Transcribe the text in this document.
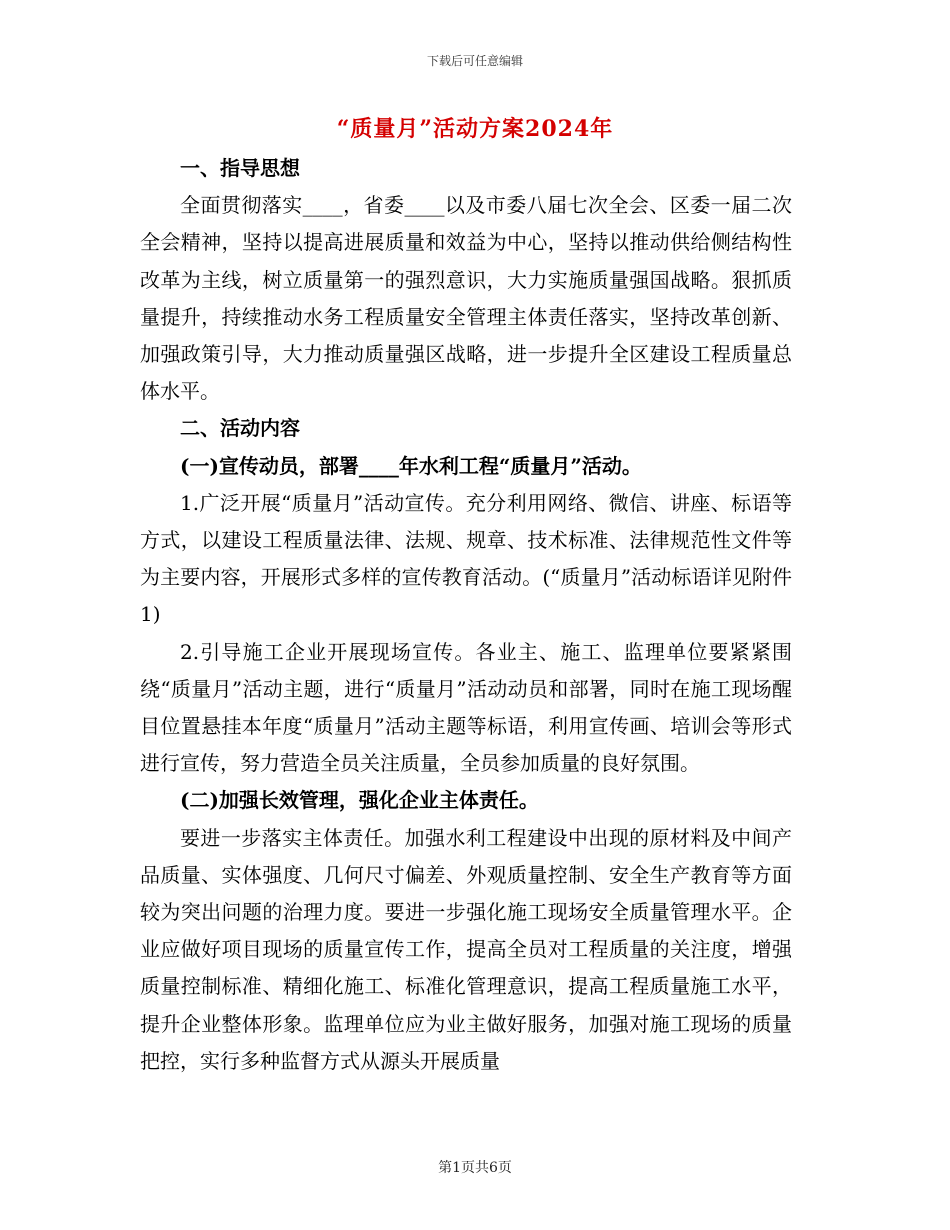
下载后可任意编辑
“质量月”活动方案2024年

一、指导思想

全面贯彻落实____，省委____以及市委八届七次全会、区委一届二次全会精神，坚持以提高进展质量和效益为中心，坚持以推动供给侧结构性改革为主线，树立质量第一的强烈意识，大力实施质量强国战略。狠抓质量提升，持续推动水务工程质量安全管理主体责任落实，坚持改革创新、加强政策引导，大力推动质量强区战略，进一步提升全区建设工程质量总体水平。

二、活动内容

(一)宣传动员，部署____年水利工程“质量月”活动。

1.广泛开展“质量月”活动宣传。充分利用网络、微信、讲座、标语等方式，以建设工程质量法律、法规、规章、技术标准、法律规范性文件等为主要内容，开展形式多样的宣传教育活动。(“质量月”活动标语详见附件1)

2.引导施工企业开展现场宣传。各业主、施工、监理单位要紧紧围绕“质量月”活动主题，进行“质量月”活动动员和部署，同时在施工现场醒目位置悬挂本年度“质量月”活动主题等标语，利用宣传画、培训会等形式进行宣传，努力营造全员关注质量，全员参加质量的良好氛围。

(二)加强长效管理，强化企业主体责任。

要进一步落实主体责任。加强水利工程建设中出现的原材料及中间产品质量、实体强度、几何尺寸偏差、外观质量控制、安全生产教育等方面较为突出问题的治理力度。要进一步强化施工现场安全质量管理水平。企业应做好项目现场的质量宣传工作，提高全员对工程质量的关注度，增强质量控制标准、精细化施工、标准化管理意识，提高工程质量施工水平，提升企业整体形象。监理单位应为业主做好服务，加强对施工现场的质量把控，实行多种监督方式从源头开展质量

第1页共6页
